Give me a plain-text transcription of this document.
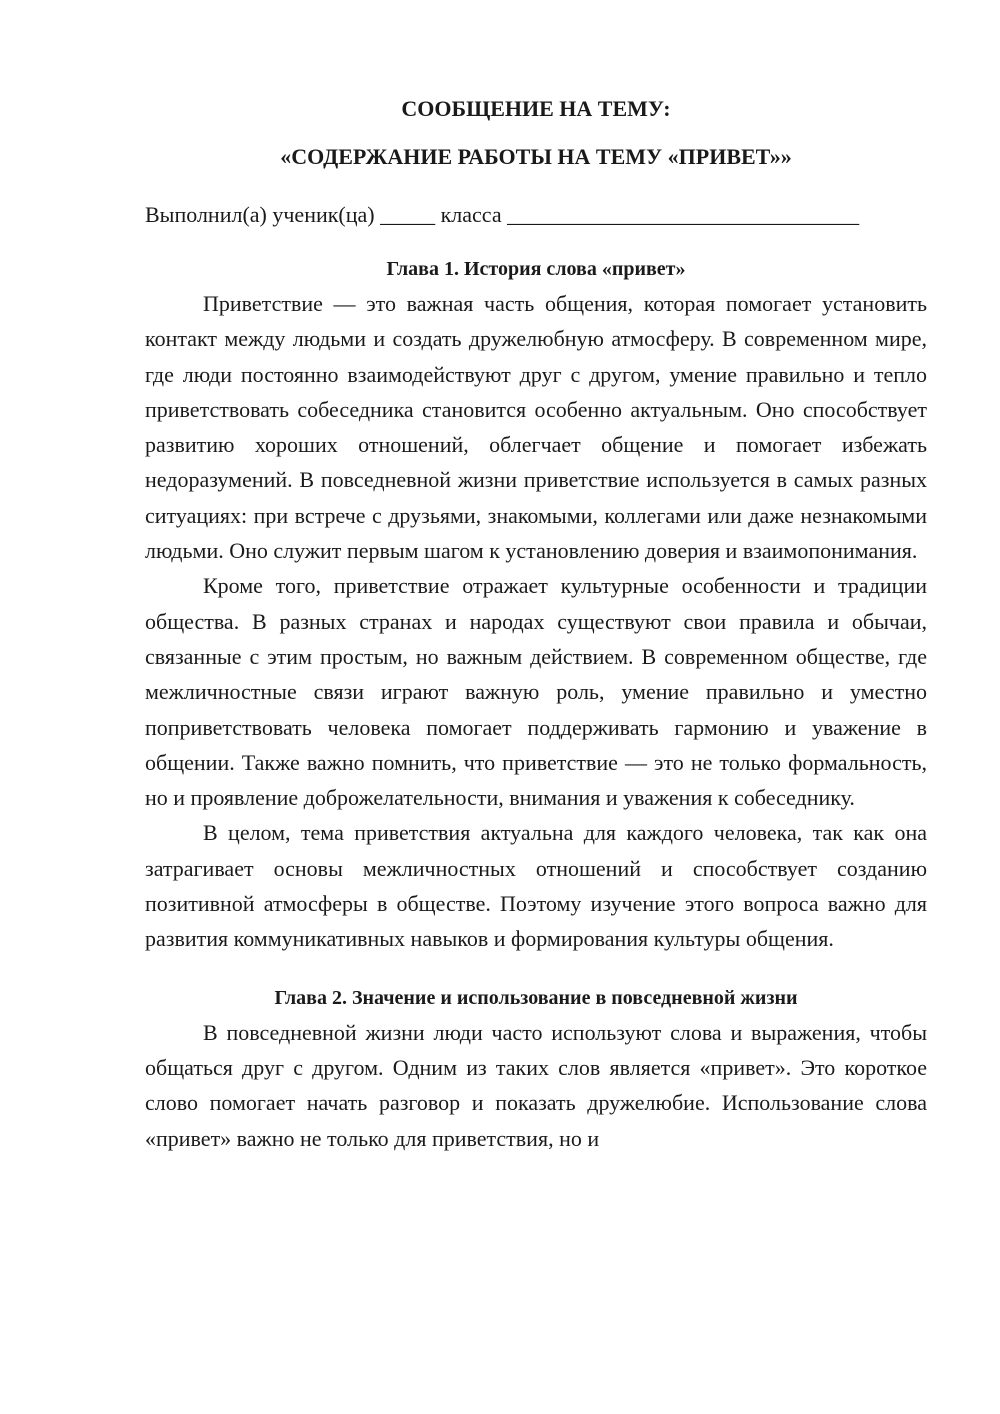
СООБЩЕНИЕ НА ТЕМУ:
«СОДЕРЖАНИЕ РАБОТЫ НА ТЕМУ «ПРИВЕТ»»
Выполнил(а) ученик(ца) _____ класса ________________________________
Глава 1. История слова «привет»

Приветствие — это важная часть общения, которая помогает установить контакт между людьми и создать дружелюбную атмосферу. В современном мире, где люди постоянно взаимодействуют друг с другом, умение правильно и тепло приветствовать собеседника становится особенно актуальным. Оно способствует развитию хороших отношений, облегчает общение и помогает избежать недоразумений. В повседневной жизни приветствие используется в самых разных ситуациях: при встрече с друзьями, знакомыми, коллегами или даже незнакомыми людьми. Оно служит первым шагом к установлению доверия и взаимопонимания.

Кроме того, приветствие отражает культурные особенности и традиции общества. В разных странах и народах существуют свои правила и обычаи, связанные с этим простым, но важным действием. В современном обществе, где межличностные связи играют важную роль, умение правильно и уместно поприветствовать человека помогает поддерживать гармонию и уважение в общении. Также важно помнить, что приветствие — это не только формальность, но и проявление доброжелательности, внимания и уважения к собеседнику.

В целом, тема приветствия актуальна для каждого человека, так как она затрагивает основы межличностных отношений и способствует созданию позитивной атмосферы в обществе. Поэтому изучение этого вопроса важно для развития коммуникативных навыков и формирования культуры общения.

Глава 2. Значение и использование в повседневной жизни

В повседневной жизни люди часто используют слова и выражения, чтобы общаться друг с другом. Одним из таких слов является «привет». Это короткое слово помогает начать разговор и показать дружелюбие. Использование слова «привет» важно не только для приветствия, но и
